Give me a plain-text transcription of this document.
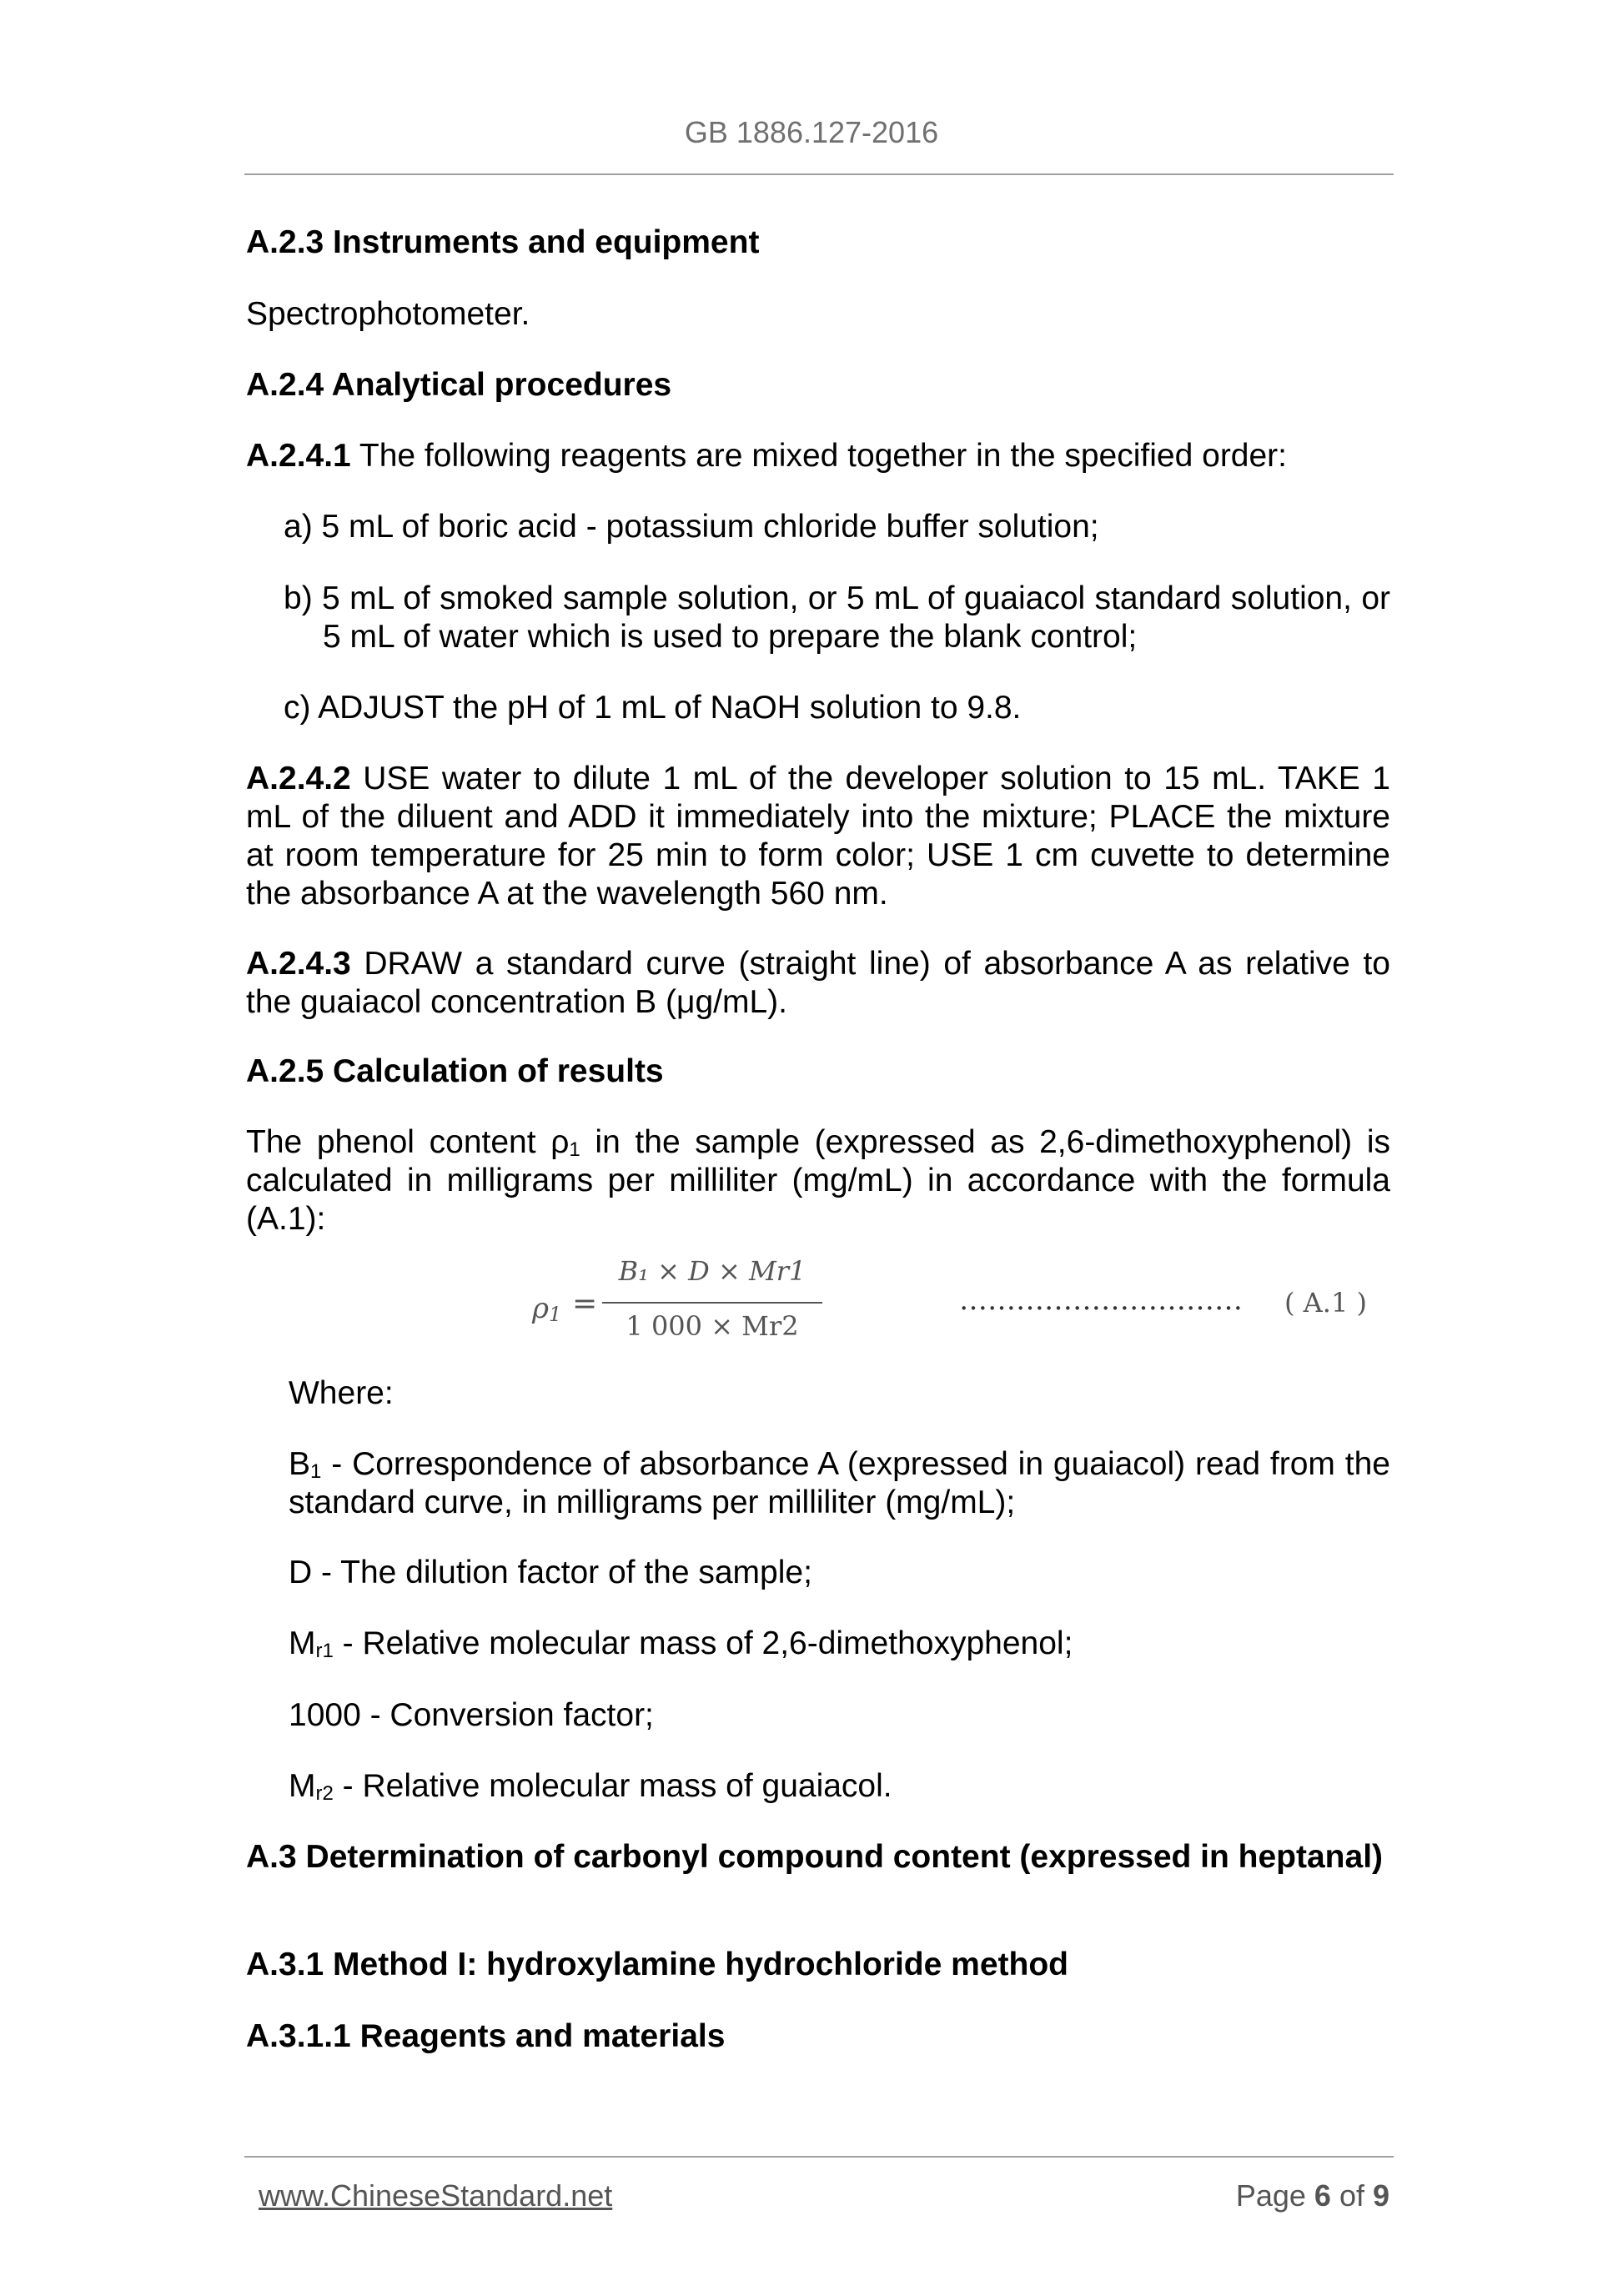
GB 1886.127-2016
A.2.3 Instruments and equipment
Spectrophotometer.
A.2.4 Analytical procedures
A.2.4.1 The following reagents are mixed together in the specified order:
a) 5 mL of boric acid - potassium chloride buffer solution;
b) 5 mL of smoked sample solution, or 5 mL of guaiacol standard solution, or 5 mL of water which is used to prepare the blank control;
c) ADJUST the pH of 1 mL of NaOH solution to 9.8.
A.2.4.2 USE water to dilute 1 mL of the developer solution to 15 mL. TAKE 1 mL of the diluent and ADD it immediately into the mixture; PLACE the mixture at room temperature for 25 min to form color; USE 1 cm cuvette to determine the absorbance A at the wavelength 560 nm.
A.2.4.3 DRAW a standard curve (straight line) of absorbance A as relative to the guaiacol concentration B (μg/mL).
A.2.5 Calculation of results
The phenol content $\rho_1$ in the sample (expressed as 2,6-dimethoxyphenol) is calculated in milligrams per milliliter (mg/mL) in accordance with the formula (A.1):
$\rho_1$ =
B₁ × D × Mr1
1 000 × Mr2
………………………… ( A.1 )
Where:
$B_1$ - Correspondence of absorbance A (expressed in guaiacol) read from the standard curve, in milligrams per milliliter (mg/mL);
D - The dilution factor of the sample;
$M_{r1}$ - Relative molecular mass of 2,6-dimethoxyphenol;
1000 - Conversion factor;
$M_{r2}$ - Relative molecular mass of guaiacol.
A.3 Determination of carbonyl compound content (expressed in heptanal)
A.3.1 Method I: hydroxylamine hydrochloride method
A.3.1.1 Reagents and materials
www.ChineseStandard.net	Page 6 of 9
